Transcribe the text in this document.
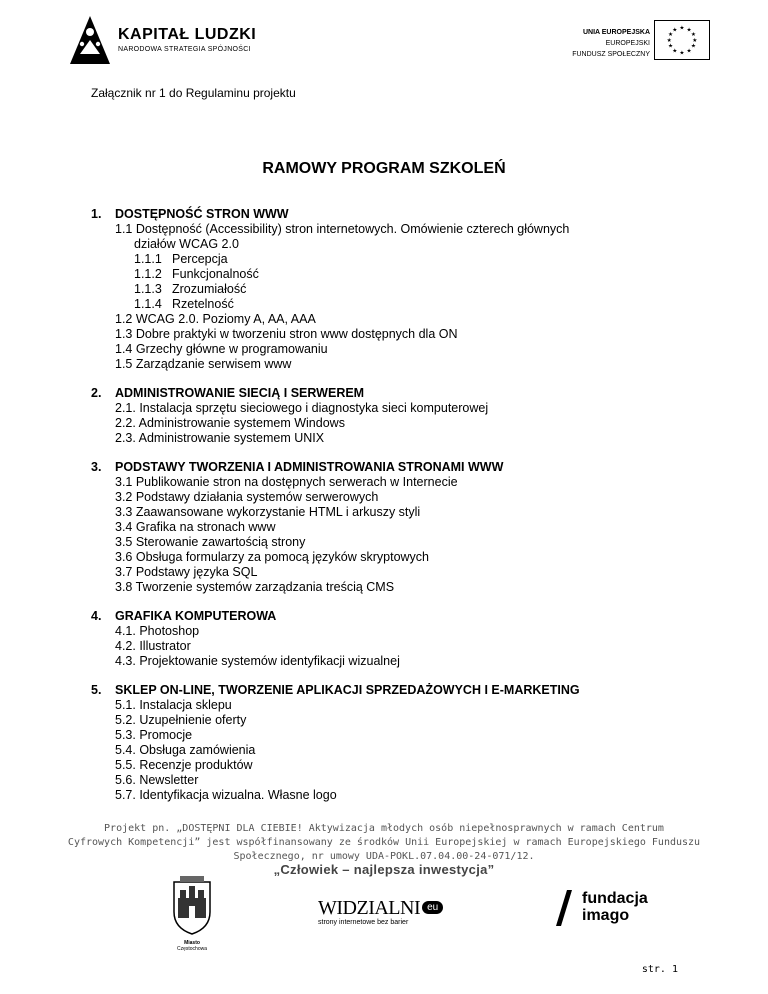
KAPITAŁ LUDZKI
NARODOWA STRATEGIA SPÓJNOŚCI
UNIA EUROPEJSKA
EUROPEJSKI
FUNDUSZ SPOŁECZNY
★ ★
★
★
★
★
★
★
★
★
★
★
Załącznik nr 1 do Regulaminu projektu
RAMOWY PROGRAM SZKOLEŃ
1. DOSTĘPNOŚĆ STRON WWW
1.1 Dostępność (Accessibility) stron internetowych. Omówienie czterech głównych
działów WCAG 2.0
1.1.1 Percepcja
1.1.2 Funkcjonalność
1.1.3 Zrozumiałość
1.1.4 Rzetelność
1.2 WCAG 2.0. Poziomy A, AA, AAA
1.3 Dobre praktyki w tworzeniu stron www dostępnych dla ON
1.4 Grzechy główne w programowaniu
1.5 Zarządzanie serwisem www
2. ADMINISTROWANIE SIECIĄ I SERWEREM
2.1. Instalacja sprzętu sieciowego i diagnostyka sieci komputerowej
2.2. Administrowanie systemem Windows
2.3. Administrowanie systemem UNIX
3. PODSTAWY TWORZENIA I ADMINISTROWANIA STRONAMI WWW
3.1 Publikowanie stron na dostępnych serwerach w Internecie
3.2 Podstawy działania systemów serwerowych
3.3 Zaawansowane wykorzystanie HTML i arkuszy styli
3.4 Grafika na stronach www
3.5 Sterowanie zawartością strony
3.6 Obsługa formularzy za pomocą języków skryptowych
3.7 Podstawy języka SQL
3.8 Tworzenie systemów zarządzania treścią CMS
4. GRAFIKA KOMPUTEROWA
4.1. Photoshop
4.2. Illustrator
4.3. Projektowanie systemów identyfikacji wizualnej
5. SKLEP ON-LINE, TWORZENIE APLIKACJI SPRZEDAŻOWYCH I E-MARKETING
5.1. Instalacja sklepu
5.2. Uzupełnienie oferty
5.3. Promocje
5.4. Obsługa zamówienia
5.5. Recenzje produktów
5.6. Newsletter
5.7. Identyfikacja wizualna. Własne logo
Projekt pn. „DOSTĘPNI DLA CIEBIE! Aktywizacja młodych osób niepełnosprawnych w ramach Centrum
Cyfrowych Kompetencji” jest współfinansowany ze środków Unii Europejskiej w ramach Europejskiego Funduszu
Społecznego, nr umowy UDA-POKL.07.04.00-24-071/12.
„Człowiek – najlepsza inwestycja”
Miasto
Częstochowa
WIDZIALNI eu
strony internetowe bez barier
fundacja
imago
str. 1
